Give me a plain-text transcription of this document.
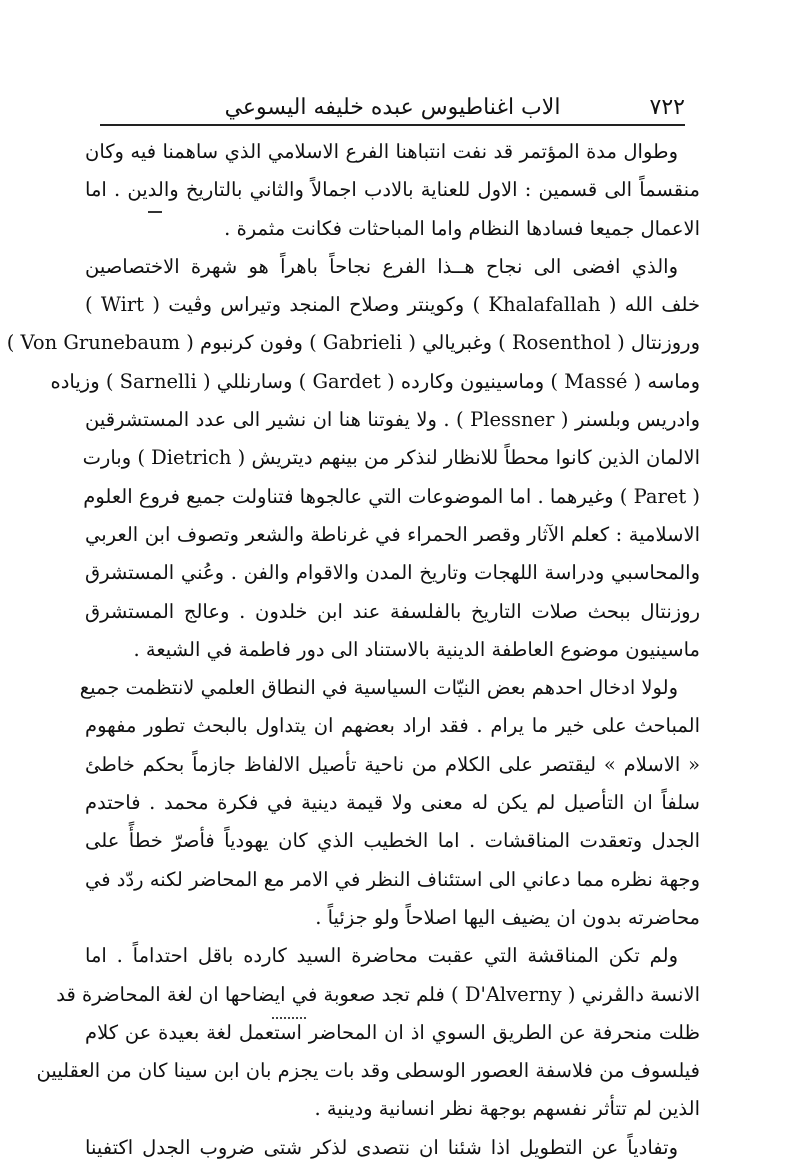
٧٢٢
الاب اغناطيوس عبده خليفه اليسوعي
وطوال مدة المؤتمر قد نفت انتباهنا الفرع الاسلامي الذي ساهمنا فيه وكان
منقسماً الى قسمين : الاول للعناية بالادب اجمالاً والثاني بالتاريخ والدين . اما
الاعمال جميعا فسادها النظام واما المباحثات فكانت مثمرة .
والذي افضى الى نجاح هــذا الفرع نجاحاً باهراً هو شهرة الاختصاصين
خلف الله ( Khalafallah ) وكوينتر وصلاح المنجد وتيراس وڤيت ( Wirt )
وروزنتال ( Rosenthol ) وغبريالي ( Gabrieli ) وفون كرنبوم ( Von Grunebaum )
وماسه ( Massé ) وماسينيون وكارده ( Gardet ) وسارنللي ( Sarnelli ) وزياده
وادريس وبلسنر ( Plessner ) . ولا يفوتنا هنا ان نشير الى عدد المستشرقين
الالمان الذين كانوا محطاً للانظار لنذكر من بينهم ديتريش ( Dietrich ) وبارت
( Paret ) وغيرهما . اما الموضوعات التي عالجوها فتناولت جميع فروع العلوم
الاسلامية : كعلم الآثار وقصر الحمراء في غرناطة والشعر وتصوف ابن العربي
والمحاسبي ودراسة اللهجات وتاريخ المدن والاقوام والفن . وعُني المستشرق
روزنتال ببحث صلات التاريخ بالفلسفة عند ابن خلدون . وعالج المستشرق
ماسينيون موضوع العاطفة الدينية بالاستناد الى دور فاطمة في الشيعة .
ولولا ادخال احدهم بعض النيّات السياسية في النطاق العلمي لانتظمت جميع
المباحث على خير ما يرام . فقد اراد بعضهم ان يتداول بالبحث تطور مفهوم
« الاسلام » ليقتصر على الكلام من ناحية تأصيل الالفاظ جازماً بحكم خاطئ
سلفاً ان التأصيل لم يكن له معنى ولا قيمة دينية في فكرة محمد . فاحتدم
الجدل وتعقدت المناقشات . اما الخطيب الذي كان يهودياً فأصرّ خطأً على
وجهة نظره مما دعاني الى استئناف النظر في الامر مع المحاضر لكنه ردّد في
محاضرته بدون ان يضيف اليها اصلاحاً ولو جزئياً .
ولم تكن المناقشة التي عقبت محاضرة السيد كارده باقل احتداماً . اما
الانسة دالڤرني ( D'Alverny ) فلم تجد صعوبة في ايضاحها ان لغة المحاضرة قد
ظلت منحرفة عن الطريق السوي اذ ان المحاضر استعمل لغة بعيدة عن كلام
فيلسوف من فلاسفة العصور الوسطى وقد بات يجزم بان ابن سينا كان من العقليين
الذين لم تتأثر نفسهم بوجهة نظر انسانية ودينية .
وتفادياً عن التطويل اذا شئنا ان نتصدى لذكر شتى ضروب الجدل اكتفينا
